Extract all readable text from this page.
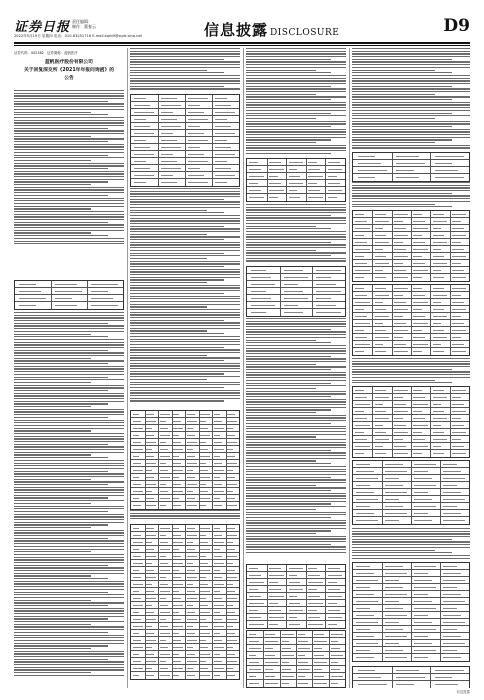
证券日报 责任编辑：
制作：董春云
2022年5月19日 星期四 电话：010-83251716 E-mail:zqrb9@zqrb.sina.net	信息披露 DISCLOSURE	D9
证券代码：002382 证券简称：蓝帆医疗
蓝帆医疗股份有限公司
关于回复深交所《2021年年报问询函》的
公告
信息披露
